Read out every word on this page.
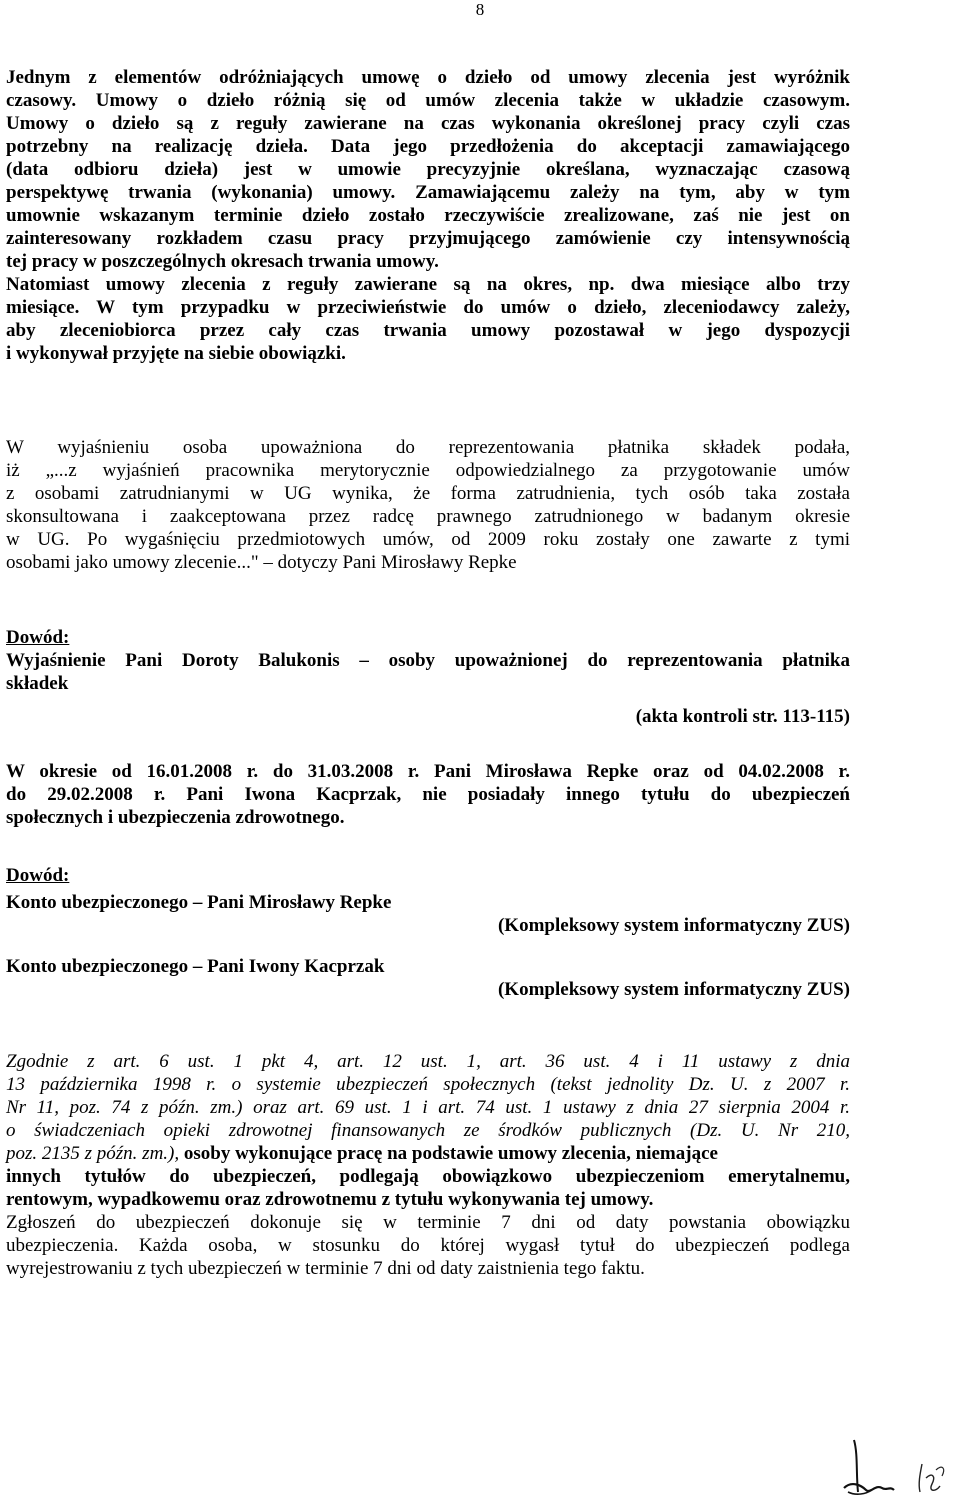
8
Jednym z elementów odróżniających umowę o dzieło od umowy zlecenia jest wyróżnik
czasowy. Umowy o dzieło różnią się od umów zlecenia także w układzie czasowym.
Umowy o dzieło są z reguły zawierane na czas wykonania określonej pracy czyli czas
potrzebny na realizację dzieła. Data jego przedłożenia do akceptacji zamawiającego
(data odbioru dzieła) jest w umowie precyzyjnie określana, wyznaczając czasową
perspektywę trwania (wykonania) umowy. Zamawiającemu zależy na tym, aby w tym
umownie wskazanym terminie dzieło zostało rzeczywiście zrealizowane, zaś nie jest on
zainteresowany rozkładem czasu pracy przyjmującego zamówienie czy intensywnością
tej pracy w poszczególnych okresach trwania umowy.
Natomiast umowy zlecenia z reguły zawierane są na okres, np. dwa miesiące albo trzy
miesiące. W tym przypadku w przeciwieństwie do umów o dzieło, zleceniodawcy zależy,
aby zleceniobiorca przez cały czas trwania umowy pozostawał w jego dyspozycji
i wykonywał przyjęte na siebie obowiązki.
W wyjaśnieniu osoba upoważniona do reprezentowania płatnika składek podała,
iż „...z wyjaśnień pracownika merytorycznie odpowiedzialnego za przygotowanie umów
z osobami zatrudnianymi w UG wynika, że forma zatrudnienia, tych osób taka została
skonsultowana i zaakceptowana przez radcę prawnego zatrudnionego w badanym okresie
w UG. Po wygaśnięciu przedmiotowych umów, od 2009 roku zostały one zawarte z tymi
osobami jako umowy zlecenie..." – dotyczy Pani Mirosławy Repke
Dowód:
Wyjaśnienie Pani Doroty Balukonis – osoby upoważnionej do reprezentowania płatnika
składek
(akta kontroli str. 113-115)
W okresie od 16.01.2008 r. do 31.03.2008 r. Pani Mirosława Repke oraz od 04.02.2008 r.
do 29.02.2008 r. Pani Iwona Kacprzak, nie posiadały innego tytułu do ubezpieczeń
społecznych i ubezpieczenia zdrowotnego.
Dowód:
Konto ubezpieczonego – Pani Mirosławy Repke
(Kompleksowy system informatyczny ZUS)
Konto ubezpieczonego – Pani Iwony Kacprzak
(Kompleksowy system informatyczny ZUS)
Zgodnie z art. 6 ust. 1 pkt 4, art. 12 ust. 1, art. 36 ust. 4 i 11 ustawy z dnia
13 października 1998 r. o systemie ubezpieczeń społecznych (tekst jednolity Dz. U. z 2007 r.
Nr 11, poz. 74 z późn. zm.) oraz art. 69 ust. 1 i art. 74 ust. 1 ustawy z dnia 27 sierpnia 2004 r.
o świadczeniach opieki zdrowotnej finansowanych ze środków publicznych (Dz. U. Nr 210,
poz. 2135 z późn. zm.), osoby wykonujące pracę na podstawie umowy zlecenia, niemające
innych tytułów do ubezpieczeń, podlegają obowiązkowo ubezpieczeniom emerytalnemu,
rentowym, wypadkowemu oraz zdrowotnemu z tytułu wykonywania tej umowy.
Zgłoszeń do ubezpieczeń dokonuje się w terminie 7 dni od daty powstania obowiązku
ubezpieczenia. Każda osoba, w stosunku do której wygasł tytuł do ubezpieczeń podlega
wyrejestrowaniu z tych ubezpieczeń w terminie 7 dni od daty zaistnienia tego faktu.
